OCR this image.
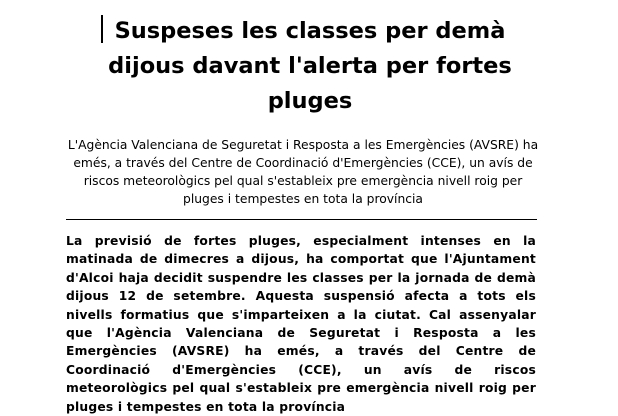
Suspeses les classes per demà dijous davant l'alerta per fortes pluges

L'Agència Valenciana de Seguretat i Resposta a les Emergències (AVSRE) ha emés, a través del Centre de Coordinació d'Emergències (CCE), un avís de riscos meteorològics pel qual s'estableix pre emergència nivell roig per pluges i tempestes en tota la província

La previsió de fortes pluges, especialment intenses en la matinada de dimecres a dijous, ha comportat que l'Ajuntament d'Alcoi haja decidit suspendre les classes per la jornada de demà dijous 12 de setembre. Aquesta suspensió afecta a tots els nivells formatius que s'imparteixen a la ciutat. Cal assenyalar que l'Agència Valenciana de Seguretat i Resposta a les Emergències (AVSRE) ha emés, a través del Centre de Coordinació d'Emergències (CCE), un avís de riscos meteorològics pel qual s'estableix pre emergència nivell roig per pluges i tempestes en tota la província
